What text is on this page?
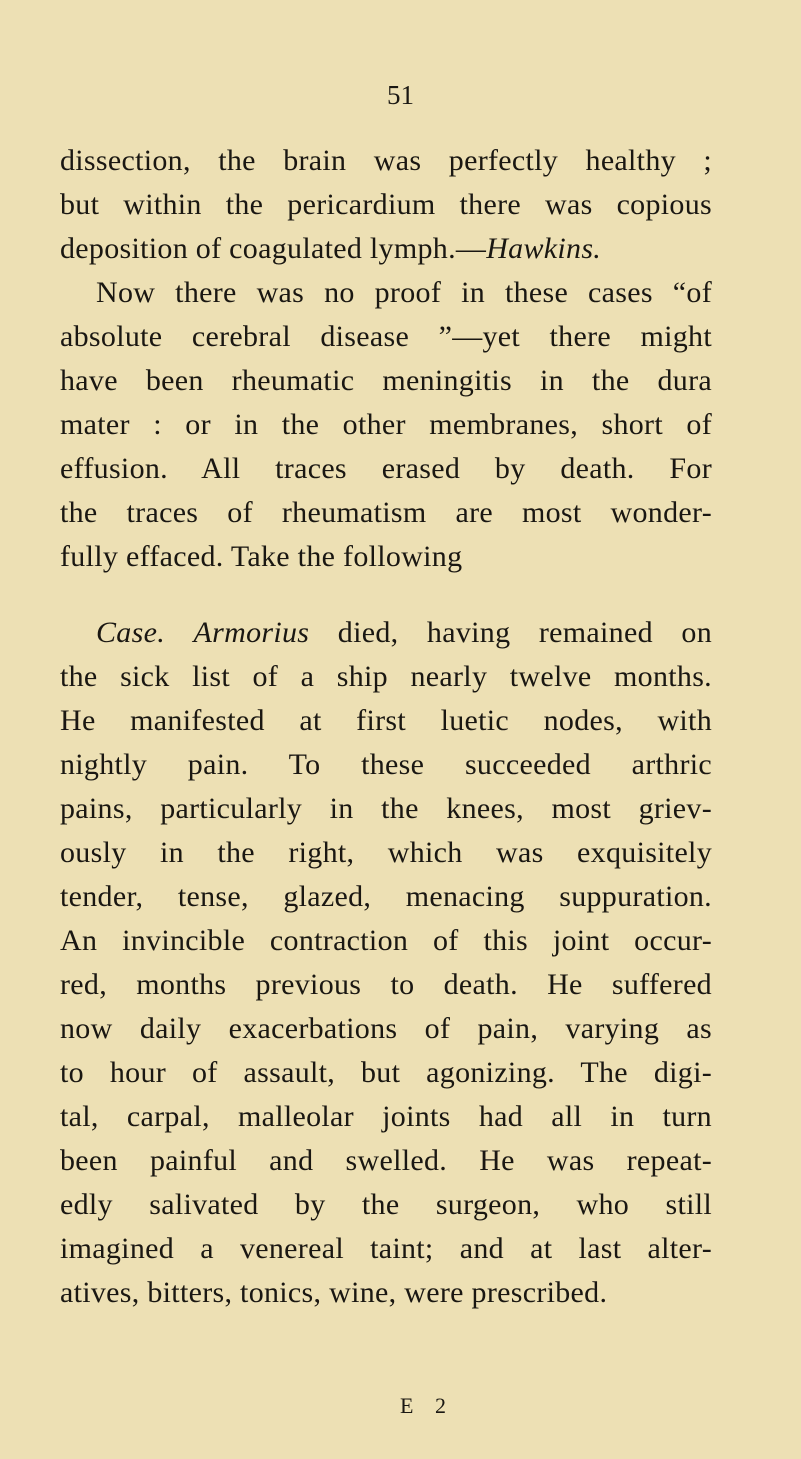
51
dissection, the brain was perfectly healthy ;
but within the pericardium there was copious
deposition of coagulated lymph.—Hawkins.
Now there was no proof in these cases “of
absolute cerebral disease ”—yet there might
have been rheumatic meningitis in the dura
mater : or in the other membranes, short of
effusion. All traces erased by death. For
the traces of rheumatism are most wonder-
fully effaced. Take the following
Case. Armorius died, having remained on
the sick list of a ship nearly twelve months.
He manifested at first luetic nodes, with
nightly pain. To these succeeded arthric
pains, particularly in the knees, most griev-
ously in the right, which was exquisitely
tender, tense, glazed, menacing suppuration.
An invincible contraction of this joint occur-
red, months previous to death. He suffered
now daily exacerbations of pain, varying as
to hour of assault, but agonizing. The digi-
tal, carpal, malleolar joints had all in turn
been painful and swelled. He was repeat-
edly salivated by the surgeon, who still
imagined a venereal taint; and at last alter-
atives, bitters, tonics, wine, were prescribed.
E 2
